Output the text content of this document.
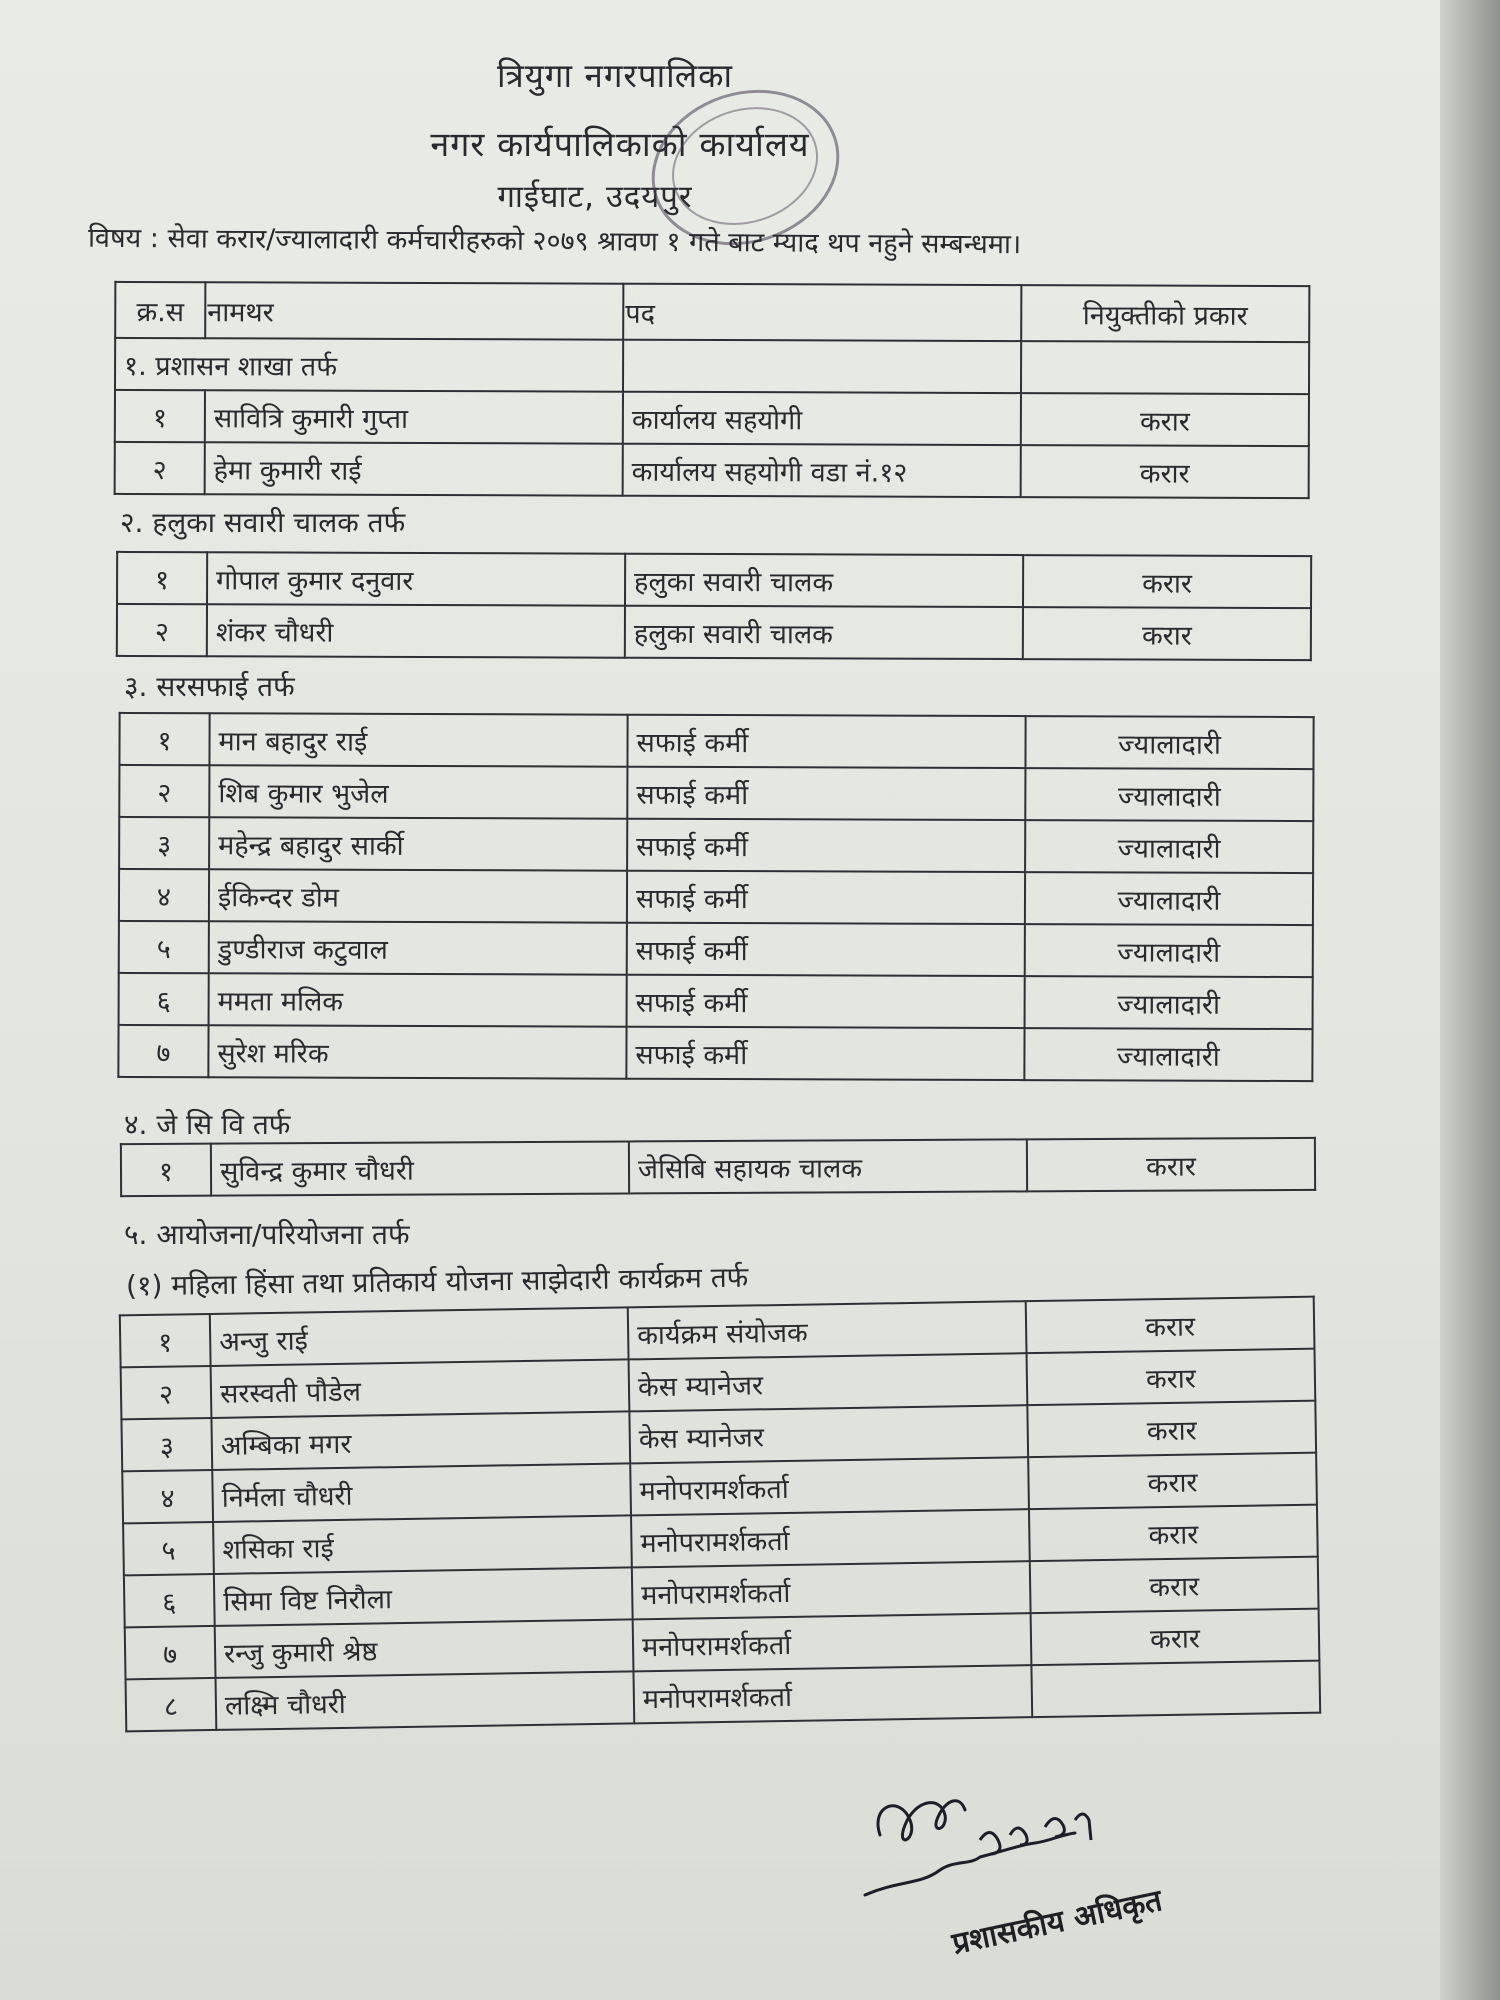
त्रियुगा नगरपालिका
नगर कार्यपालिकाको कार्यालय
गाईघाट, उदयपुर
विषय : सेवा करार/ज्यालादारी कर्मचारीहरुको २०७९ श्रावण १ गते बाट म्याद थप नहुने सम्बन्धमा।
क्र.स	नामथर	पद	नियुक्तीको प्रकार
१. प्रशासन शाखा तर्फ			
१	सावित्रि कुमारी गुप्ता	कार्यालय सहयोगी	करार
२	हेमा कुमारी राई	कार्यालय सहयोगी वडा नं.१२	करार
२. हलुका सवारी चालक तर्फ
१	गोपाल कुमार दनुवार	हलुका सवारी चालक	करार
२	शंकर चौधरी	हलुका सवारी चालक	करार
३. सरसफाई तर्फ
१	मान बहादुर राई	सफाई कर्मी	ज्यालादारी
२	शिब कुमार भुजेल	सफाई कर्मी	ज्यालादारी
३	महेन्द्र बहादुर सार्की	सफाई कर्मी	ज्यालादारी
४	ईकिन्दर डोम	सफाई कर्मी	ज्यालादारी
५	डुण्डीराज कटुवाल	सफाई कर्मी	ज्यालादारी
६	ममता मलिक	सफाई कर्मी	ज्यालादारी
७	सुरेश मरिक	सफाई कर्मी	ज्यालादारी
४. जे सि वि तर्फ
१	सुविन्द्र कुमार चौधरी	जेसिबि सहायक चालक	करार
५. आयोजना/परियोजना तर्फ
(१) महिला हिंसा तथा प्रतिकार्य योजना साझेदारी कार्यक्रम तर्फ
१	अन्जु राई	कार्यक्रम संयोजक	करार
२	सरस्वती पौडेल	केस म्यानेजर	करार
३	अम्बिका मगर	केस म्यानेजर	करार
४	निर्मला चौधरी	मनोपरामर्शकर्ता	करार
५	शसिका राई	मनोपरामर्शकर्ता	करार
६	सिमा विष्ट निरौला	मनोपरामर्शकर्ता	करार
७	रन्जु कुमारी श्रेष्ठ	मनोपरामर्शकर्ता	करार
८	लक्ष्मि चौधरी	मनोपरामर्शकर्ता	
प्रशासकीय अधिकृत
